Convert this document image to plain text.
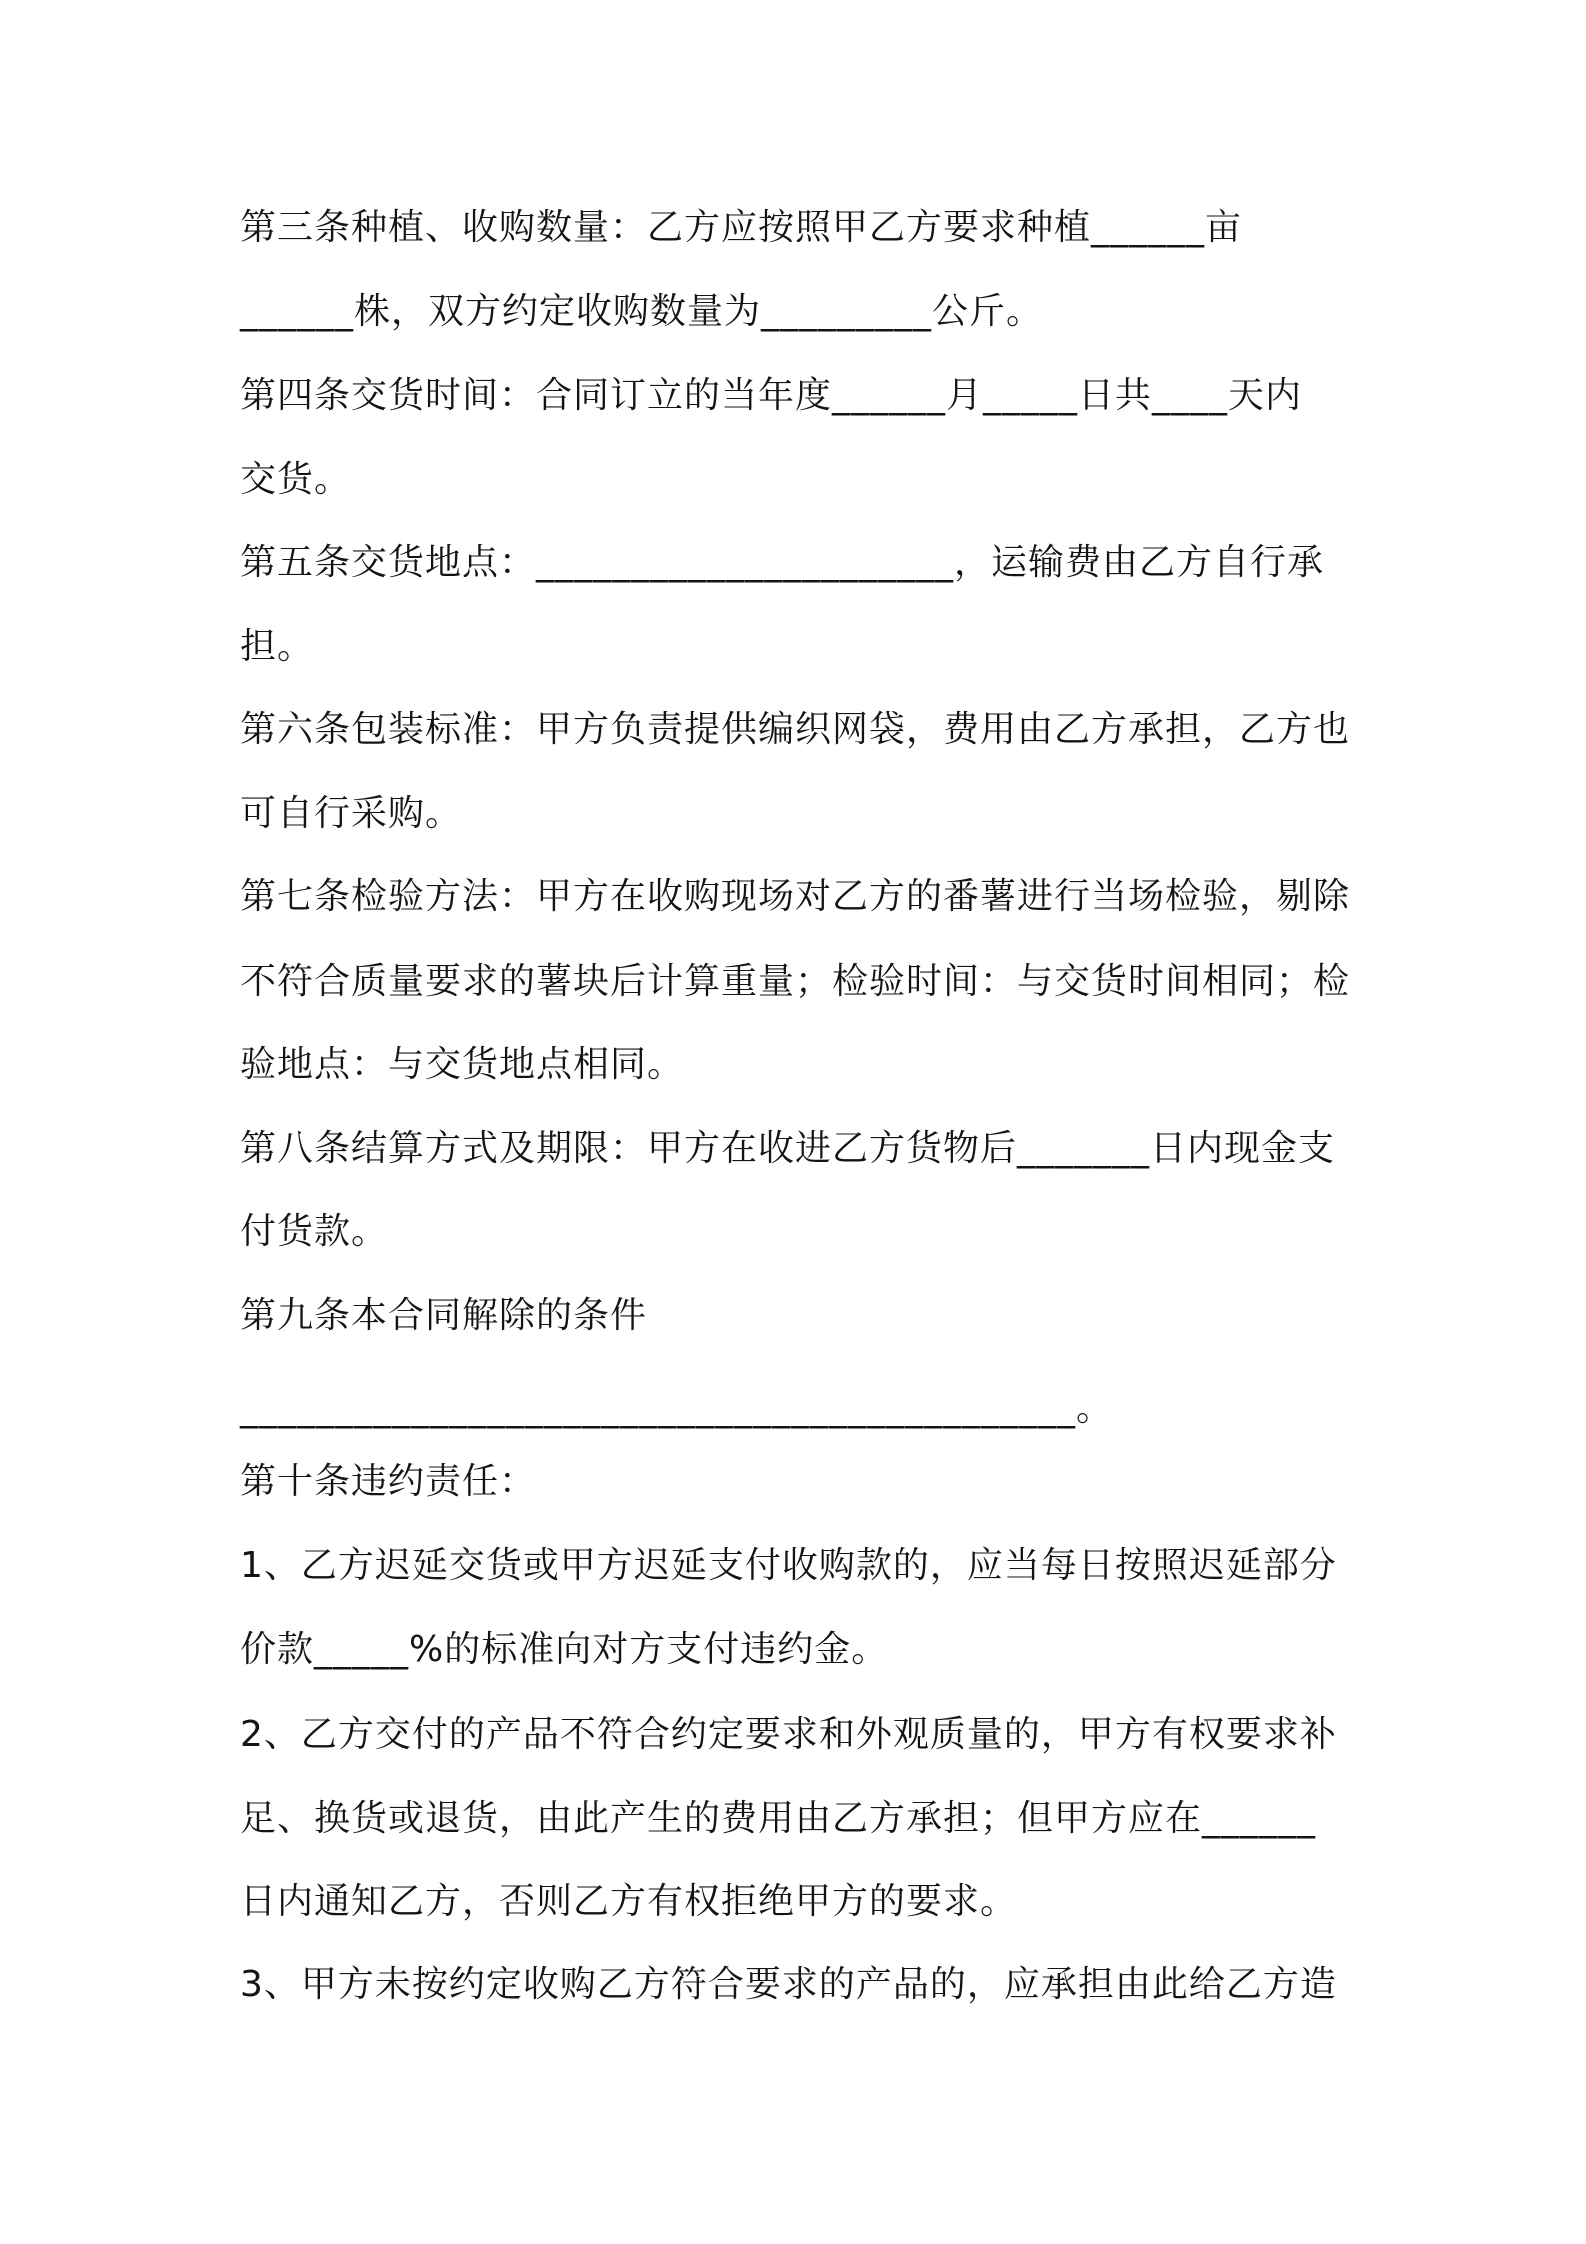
第三条种植、收购数量：乙方应按照甲乙方要求种植______亩
______株，双方约定收购数量为_________公斤。
第四条交货时间：合同订立的当年度______月_____日共____天内
交货。
第五条交货地点：______________________，运输费由乙方自行承
担。
第六条包装标准：甲方负责提供编织网袋，费用由乙方承担，乙方也
可自行采购。
第七条检验方法：甲方在收购现场对乙方的番薯进行当场检验，剔除
不符合质量要求的薯块后计算重量；检验时间：与交货时间相同；检
验地点：与交货地点相同。
第八条结算方式及期限：甲方在收进乙方货物后_______日内现金支
付货款。
第九条本合同解除的条件
____________________________________________。
第十条违约责任：
1、乙方迟延交货或甲方迟延支付收购款的，应当每日按照迟延部分
价款_____%的标准向对方支付违约金。
2、乙方交付的产品不符合约定要求和外观质量的，甲方有权要求补
足、换货或退货，由此产生的费用由乙方承担；但甲方应在______
日内通知乙方，否则乙方有权拒绝甲方的要求。
3、甲方未按约定收购乙方符合要求的产品的，应承担由此给乙方造
